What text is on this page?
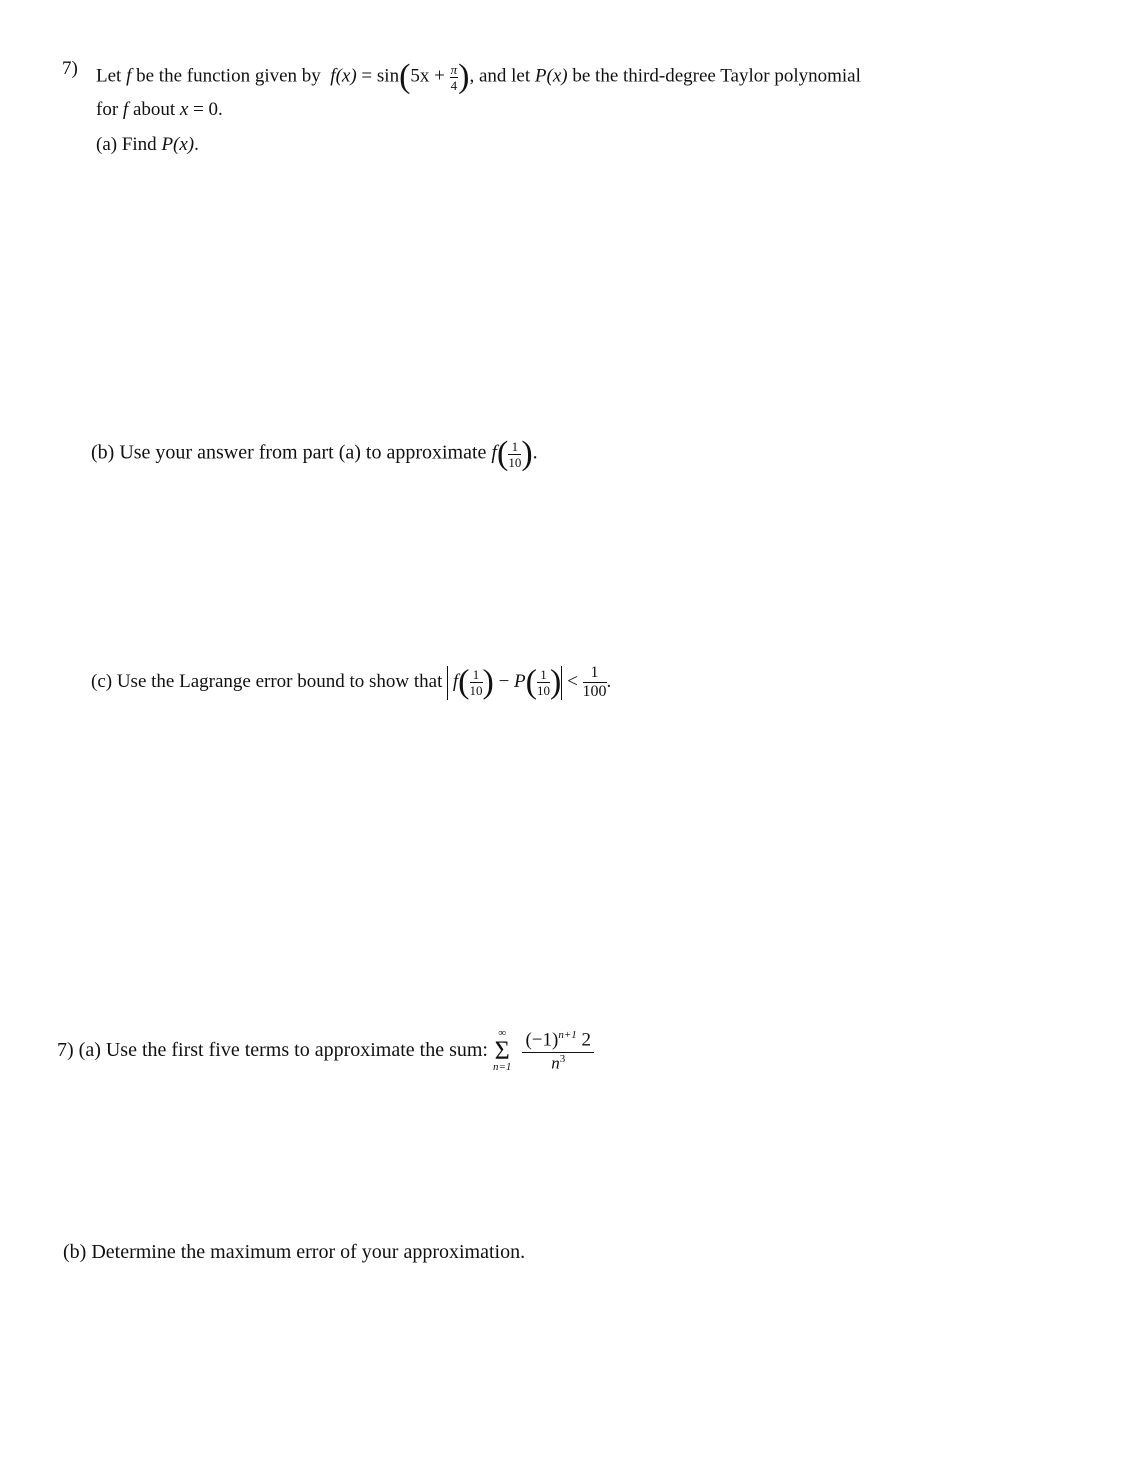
7) Let f be the function given by $f(x) = \sin(5x + \frac{\pi}{4}$ ), and let P(x) be the third-degree Taylor polynomial
for f about x = 0.
(a) Find P(x).
(b) Use your answer from part (a) to approximate $f( \frac{1}{10}$ ).
(c) Use the Lagrange error bound to show that $f( \frac{1}{10}$ ) − $P( \frac{1}{10}$ ) < $\frac{1}{100}$ .
7) (a) Use the first five terms to approximate the sum:
∞
Σ
n=1
$\frac{(-1)^{n+1} 2}{n^3}$
(b) Determine the maximum error of your approximation.
